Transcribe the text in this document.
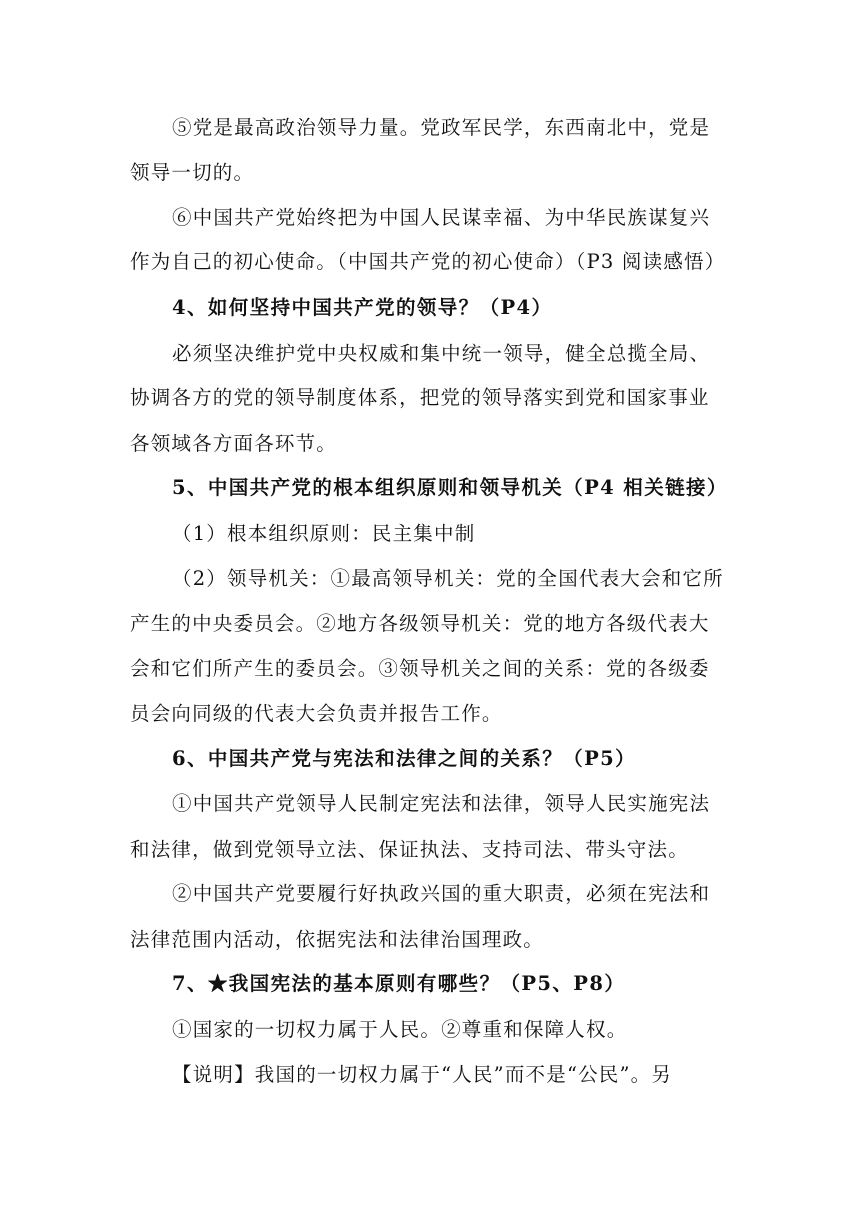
⑤党是最高政治领导力量。党政军民学，东西南北中，党是
领导一切的。
⑥中国共产党始终把为中国人民谋幸福、为中华民族谋复兴
作为自己的初心使命。（中国共产党的初心使命）（P3 阅读感悟）
4、如何坚持中国共产党的领导？（P4）
必须坚决维护党中央权威和集中统一领导，健全总揽全局、
协调各方的党的领导制度体系，把党的领导落实到党和国家事业
各领域各方面各环节。
5、中国共产党的根本组织原则和领导机关（P4 相关链接）
（1）根本组织原则：民主集中制
（2）领导机关：①最高领导机关：党的全国代表大会和它所
产生的中央委员会。②地方各级领导机关：党的地方各级代表大
会和它们所产生的委员会。③领导机关之间的关系：党的各级委
员会向同级的代表大会负责并报告工作。
6、中国共产党与宪法和法律之间的关系？（P5）
①中国共产党领导人民制定宪法和法律，领导人民实施宪法
和法律，做到党领导立法、保证执法、支持司法、带头守法。
②中国共产党要履行好执政兴国的重大职责，必须在宪法和
法律范围内活动，依据宪法和法律治国理政。
7、★我国宪法的基本原则有哪些？（P5、P8）
①国家的一切权力属于人民。②尊重和保障人权。
【说明】我国的一切权力属于“人民”而不是“公民”。另
